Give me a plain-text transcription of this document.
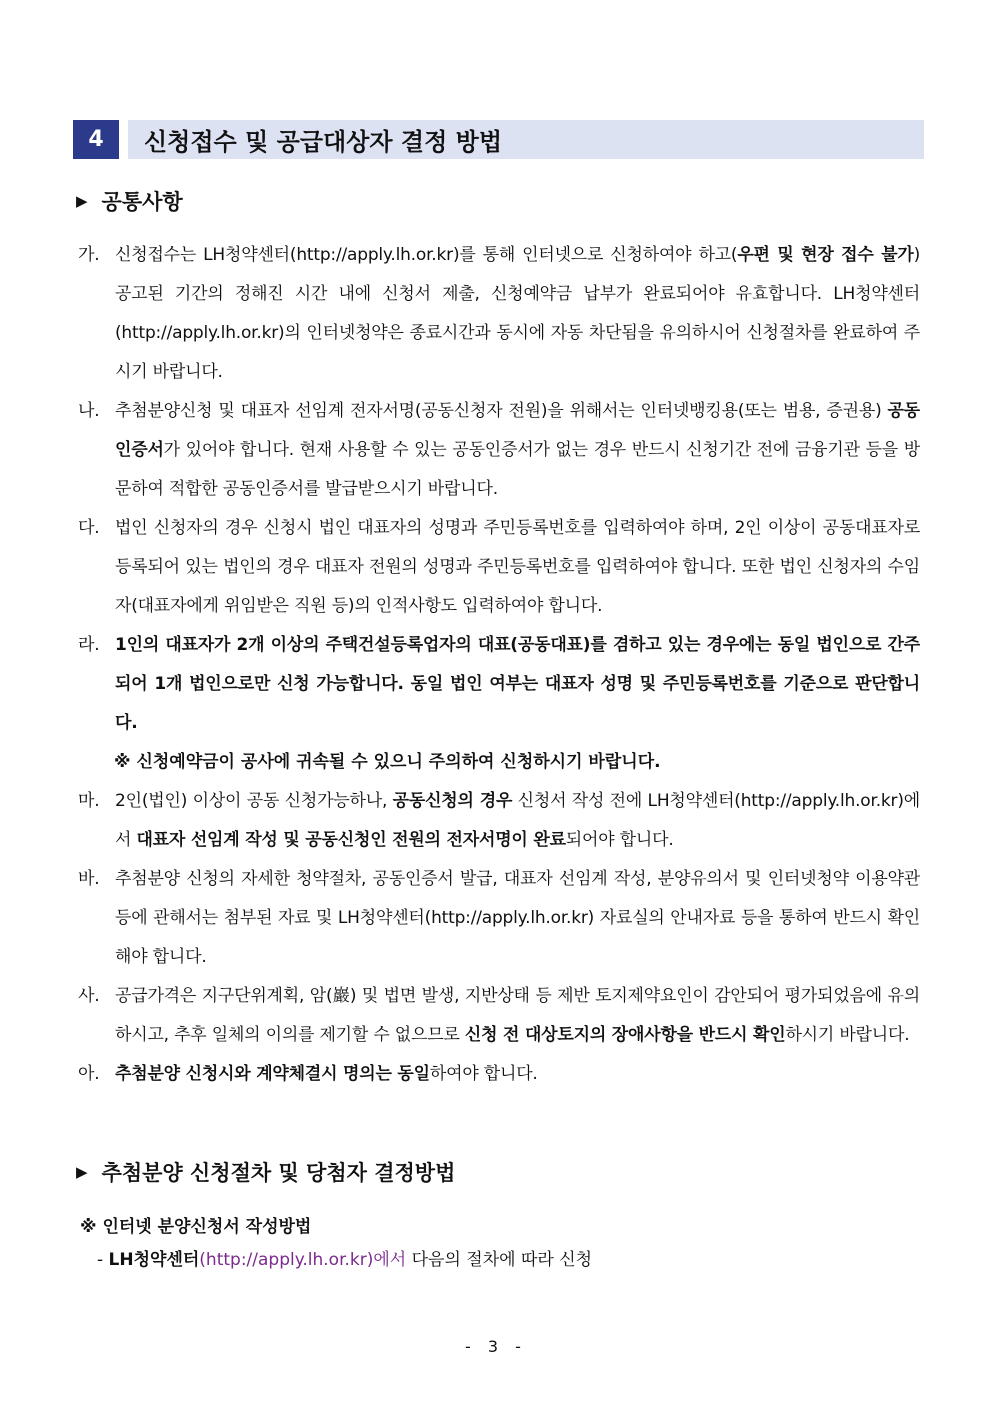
4	신청접수 및 공급대상자 결정 방법
▶ 공통사항
가. 신청접수는 LH청약센터(http://apply.lh.or.kr)를 통해 인터넷으로 신청하여야 하고(우편 및 현장 접수 불가) 공고된 기간의 정해진 시간 내에 신청서 제출, 신청예약금 납부가 완료되어야 유효합니다. LH청약센터(http://apply.lh.or.kr)의 인터넷청약은 종료시간과 동시에 자동 차단됨을 유의하시어 신청절차를 완료하여 주시기 바랍니다.
나. 추첨분양신청 및 대표자 선임계 전자서명(공동신청자 전원)을 위해서는 인터넷뱅킹용(또는 범용, 증권용) 공동인증서가 있어야 합니다. 현재 사용할 수 있는 공동인증서가 없는 경우 반드시 신청기간 전에 금융기관 등을 방문하여 적합한 공동인증서를 발급받으시기 바랍니다.
다. 법인 신청자의 경우 신청시 법인 대표자의 성명과 주민등록번호를 입력하여야 하며, 2인 이상이 공동대표자로 등록되어 있는 법인의 경우 대표자 전원의 성명과 주민등록번호를 입력하여야 합니다. 또한 법인 신청자의 수임자(대표자에게 위임받은 직원 등)의 인적사항도 입력하여야 합니다.
라. 1인의 대표자가 2개 이상의 주택건설등록업자의 대표(공동대표)를 겸하고 있는 경우에는 동일 법인으로 간주되어 1개 법인으로만 신청 가능합니다. 동일 법인 여부는 대표자 성명 및 주민등록번호를 기준으로 판단합니다.
마. 2인(법인) 이상이 공동 신청가능하나, 공동신청의 경우 신청서 작성 전에 LH청약센터(http://apply.lh.or.kr)에서 대표자 선임계 작성 및 공동신청인 전원의 전자서명이 완료되어야 합니다.
바. 추첨분양 신청의 자세한 청약절차, 공동인증서 발급, 대표자 선임계 작성, 분양유의서 및 인터넷청약 이용약관 등에 관해서는 첨부된 자료 및 LH청약센터(http://apply.lh.or.kr) 자료실의 안내자료 등을 통하여 반드시 확인해야 합니다.
사. 공급가격은 지구단위계획, 암(巖) 및 법면 발생, 지반상태 등 제반 토지제약요인이 감안되어 평가되었음에 유의하시고, 추후 일체의 이의를 제기할 수 없으므로 신청 전 대상토지의 장애사항을 반드시 확인하시기 바랍니다.
아. 추첨분양 신청시와 계약체결시 명의는 동일하여야 합니다.
※ 신청예약금이 공사에 귀속될 수 있으니 주의하여 신청하시기 바랍니다.
▶ 추첨분양 신청절차 및 당첨자 결정방법
※ 인터넷 분양신청서 작성방법
- LH청약센터(http://apply.lh.or.kr)에서 다음의 절차에 따라 신청
- 3 -
